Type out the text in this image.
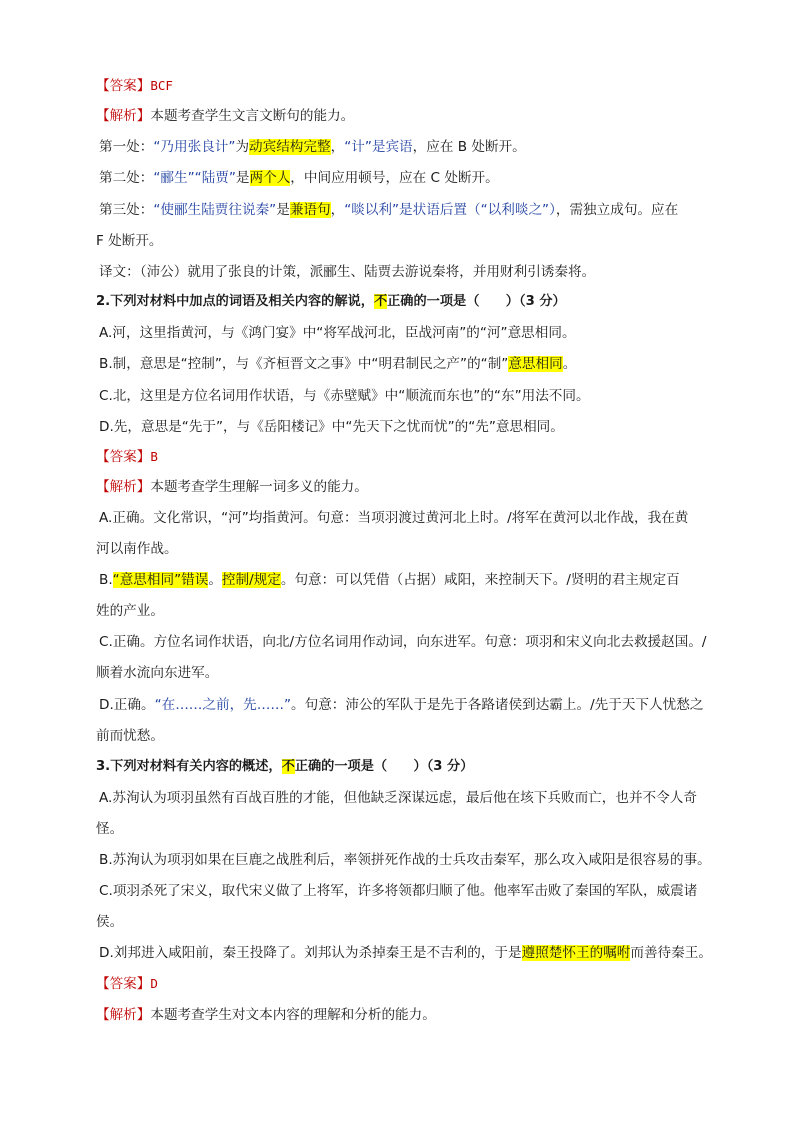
【答案】BCF
【解析】本题考查学生文言文断句的能力。
第一处：“乃用张良计”为动宾结构完整，“计”是宾语，应在 B 处断开。
第二处：“郦生”“陆贾”是两个人，中间应用顿号，应在 C 处断开。
第三处：“使郦生陆贾往说秦”是兼语句，“啖以利”是状语后置（“以利啖之”），需独立成句。应在
F 处断开。
译文：（沛公）就用了张良的计策，派郦生、陆贾去游说秦将，并用财利引诱秦将。
2.下列对材料中加点的词语及相关内容的解说，不正确的一项是（　　）（3 分）
A.河，这里指黄河，与《鸿门宴》中“将军战河北，臣战河南”的“河”意思相同。
B.制，意思是“控制”，与《齐桓晋文之事》中“明君制民之产”的“制”意思相同。
C.北，这里是方位名词用作状语，与《赤壁赋》中“顺流而东也”的“东”用法不同。
D.先，意思是“先于”，与《岳阳楼记》中“先天下之忧而忧”的“先”意思相同。
【答案】B
【解析】本题考查学生理解一词多义的能力。
A.正确。文化常识，“河”均指黄河。句意：当项羽渡过黄河北上时。/将军在黄河以北作战，我在黄
河以南作战。
B.“意思相同”错误。控制/规定。句意：可以凭借（占据）咸阳，来控制天下。/贤明的君主规定百
姓的产业。
C.正确。方位名词作状语，向北/方位名词用作动词，向东进军。句意：项羽和宋义向北去救援赵国。/
顺着水流向东进军。
D.正确。“在……之前，先……”。句意：沛公的军队于是先于各路诸侯到达霸上。/先于天下人忧愁之
前而忧愁。
3.下列对材料有关内容的概述，不正确的一项是（　　）（3 分）
A.苏洵认为项羽虽然有百战百胜的才能，但他缺乏深谋远虑，最后他在垓下兵败而亡，也并不令人奇
怪。
B.苏洵认为项羽如果在巨鹿之战胜利后，率领拼死作战的士兵攻击秦军，那么攻入咸阳是很容易的事。
C.项羽杀死了宋义，取代宋义做了上将军，许多将领都归顺了他。他率军击败了秦国的军队，威震诸
侯。
D.刘邦进入咸阳前，秦王投降了。刘邦认为杀掉秦王是不吉利的，于是遵照楚怀王的嘱咐而善待秦王。
【答案】D
【解析】本题考查学生对文本内容的理解和分析的能力。
